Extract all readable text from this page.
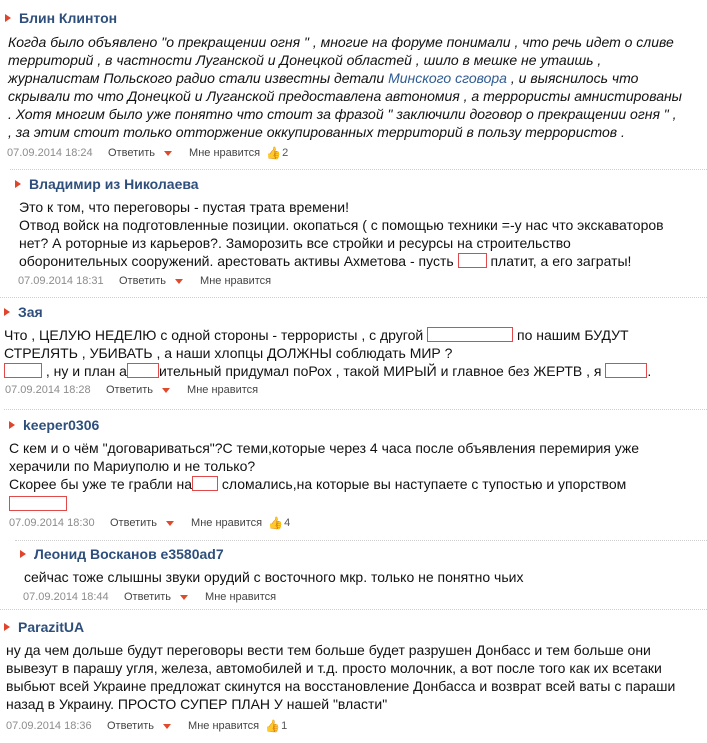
Блин Клинтон
Когда было объявлено "о прекращении огня " , многие на форуме понимали , что речь идет о сливе
территорий , в частности Луганской и Донецкой областей , шило в мешке не утаишь ,
журналистам Польского радио стали известны детали Минского сговора , и выяснилось что
скрывали то что Донецкой и Луганской предоставлена автономия , а террористы амнистированы
. Хотя многим было уже понятно что стоит за фразой " заключили договор о прекращении огня " ,
, за этим стоит только отторжение оккупированных территорий в пользу террористов .
07.09.2014 18:24	Ответить	Мне нравится 👍 2
Владимир из Николаева
Это к том, что переговоры - пустая трата времени!
Отвод войск на подготовленные позиции. окопаться ( с помощью техники =-у нас что экскаваторов
нет? А роторные из карьеров?. Заморозить все стройки и ресурсы на строительство
оборонительных сооружений. арестовать активы Ахметова - пусть  платит, а его заграты!
07.09.2014 18:31	Ответить	Мне нравится
Зая
Что , ЦЕЛУЮ НЕДЕЛЮ с одной стороны - террористы , с другой	по нашим БУДУТ
СТРЕЛЯТЬ , УБИВАТЬ , а наши хлопцы ДОЛЖНЫ соблюдать МИР ?
, ну и план а ительный придумал поРох , такой МИРЫЙ и главное без ЖЕРТВ , я	.
07.09.2014 18:28	Ответить	Мне нравится
keeper0306
С кем и о чём "договариваться"?С теми,которые через 4 часа после объявления перемирия уже
херачили по Мариуполю и не только?
Скорее бы уже те грабли на сломались,на которые вы наступаете с тупостью и упорством
07.09.2014 18:30	Ответить	Мне нравится 👍 4
Леонид Восканов e3580ad7
сейчас тоже слышны звуки орудий с восточного мкр. только не понятно чьих
07.09.2014 18:44	Ответить	Мне нравится
ParazitUA
ну да чем дольше будут переговоры вести тем больше будет разрушен Донбасс и тем больше они
вывезут в парашу угля, железа, автомобилей и т.д. просто молочник, а вот после того как их всетаки
выбьют всей Украине предложат скинутся на восстановление Донбасса и возврат всей ваты с параши
назад в Украину. ПРОСТО СУПЕР ПЛАН У нашей "власти"
07.09.2014 18:36	Ответить	Мне нравится 👍 1
